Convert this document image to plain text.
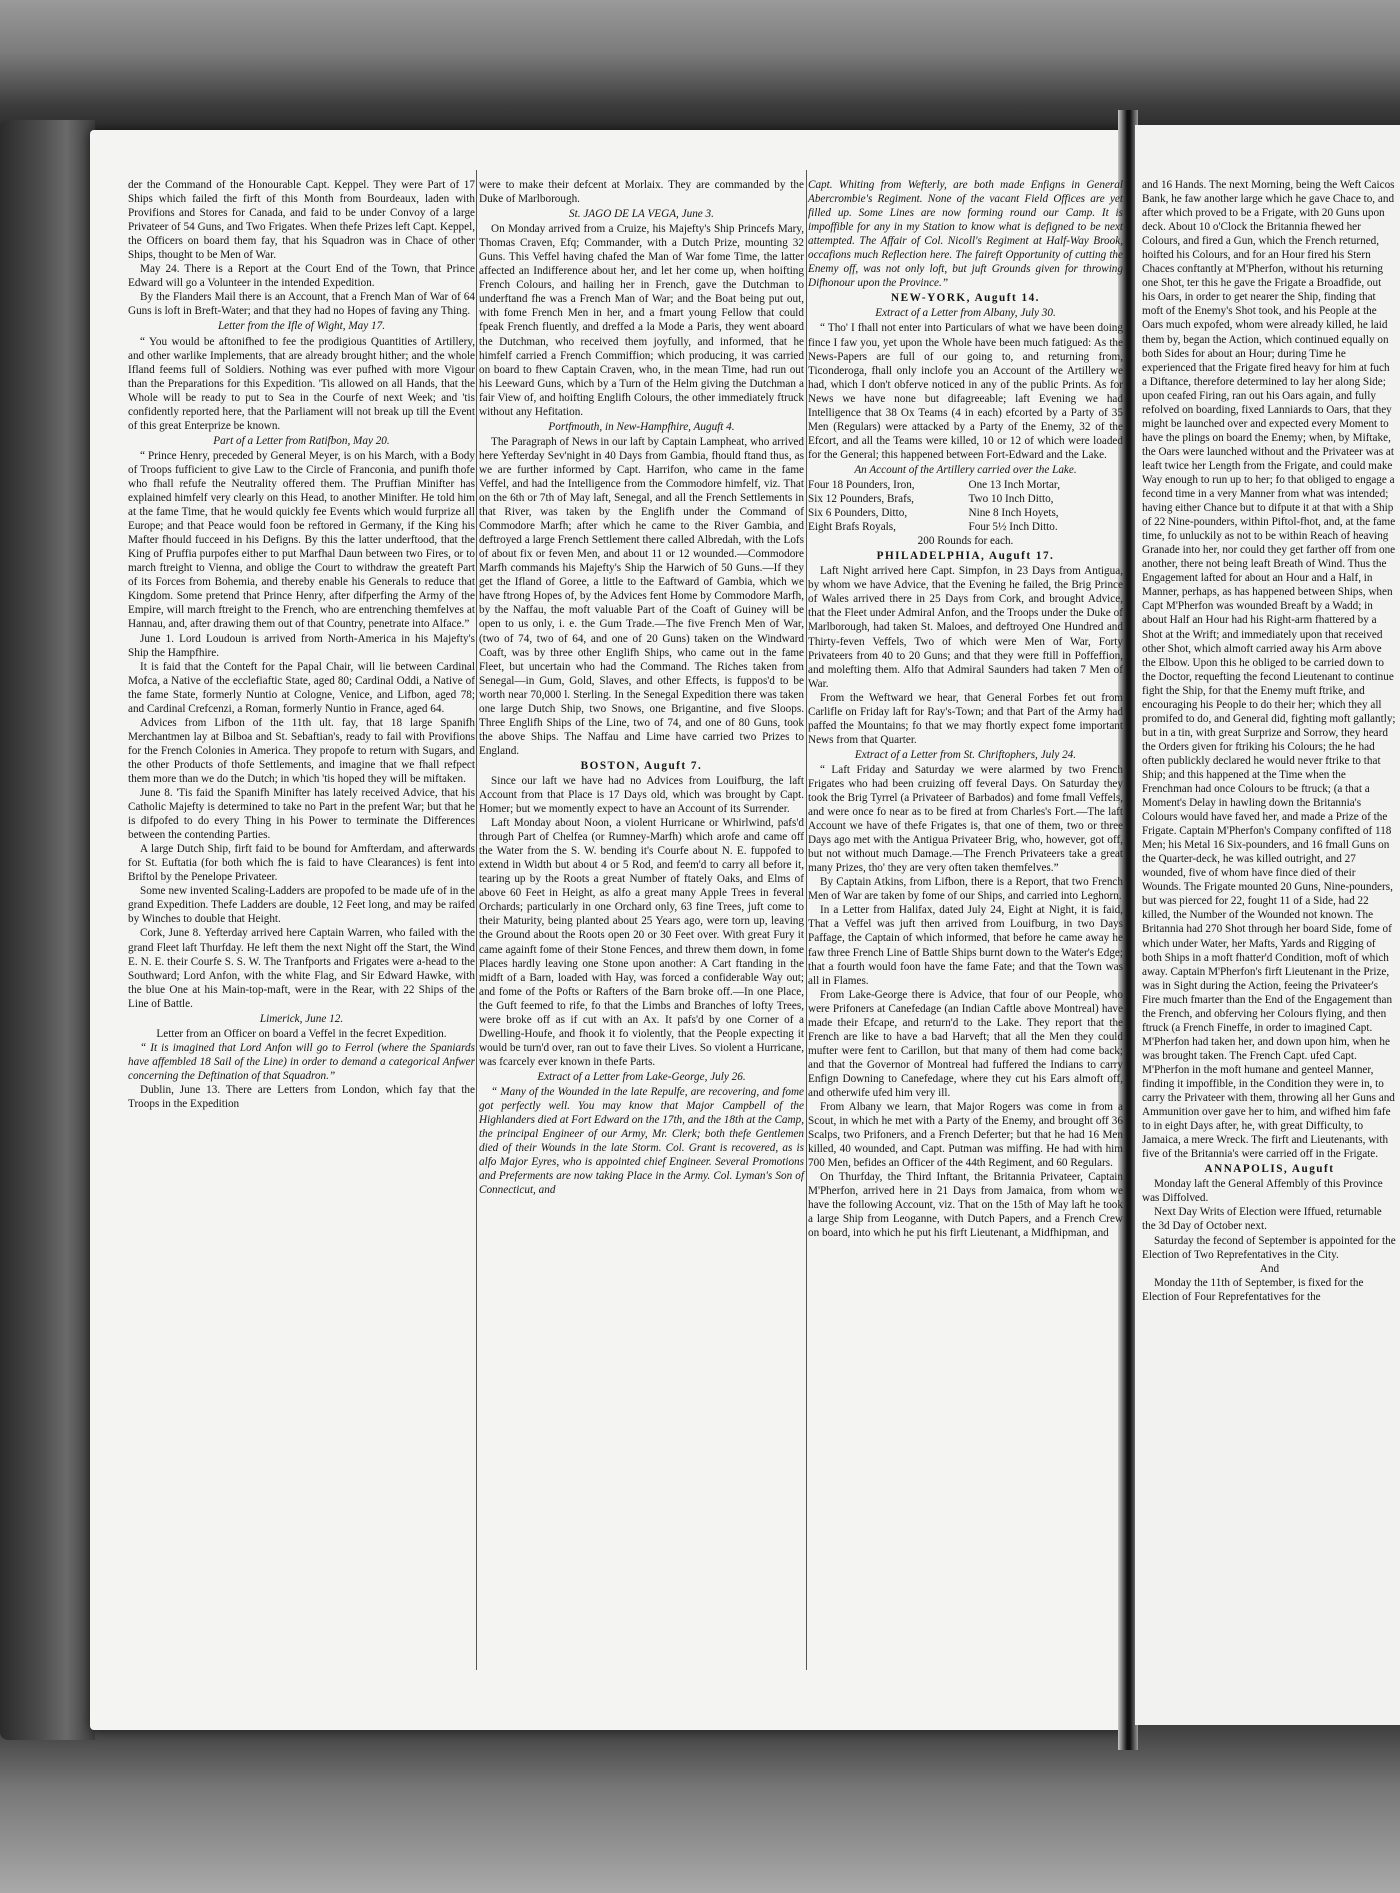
der the Command of the Honourable Capt. Keppel. They were Part of 17 Ships which failed the firft of this Month from Bourdeaux, laden with Provifions and Stores for Canada, and faid to be under Convoy of a large Privateer of 54 Guns, and Two Frigates. When thefe Prizes left Capt. Keppel, the Officers on board them fay, that his Squadron was in Chace of other Ships, thought to be Men of War.

May 24. There is a Report at the Court End of the Town, that Prince Edward will go a Volunteer in the intended Expedition.

By the Flanders Mail there is an Account, that a French Man of War of 64 Guns is loft in Breft-Water; and that they had no Hopes of faving any Thing.

Letter from the Ifle of Wight, May 17.

“ You would be aftonifhed to fee the prodigious Quantities of Artillery, and other warlike Implements, that are already brought hither; and the whole Ifland feems full of Soldiers. Nothing was ever pufhed with more Vigour than the Preparations for this Expedition. 'Tis allowed on all Hands, that the Whole will be ready to put to Sea in the Courfe of next Week; and 'tis confidently reported here, that the Parliament will not break up till the Event of this great Enterprize be known.

Part of a Letter from Ratifbon, May 20.

“ Prince Henry, preceded by General Meyer, is on his March, with a Body of Troops fufficient to give Law to the Circle of Franconia, and punifh thofe who fhall refufe the Neutrality offered them. The Pruffian Minifter has explained himfelf very clearly on this Head, to another Minifter. He told him at the fame Time, that he would quickly fee Events which would furprize all Europe; and that Peace would foon be reftored in Germany, if the King his Mafter fhould fucceed in his Defigns. By this the latter underftood, that the King of Pruffia purpofes either to put Marfhal Daun between two Fires, or to march ftreight to Vienna, and oblige the Court to withdraw the greateft Part of its Forces from Bohemia, and thereby enable his Generals to reduce that Kingdom. Some pretend that Prince Henry, after difperfing the Army of the Empire, will march ftreight to the French, who are entrenching themfelves at Hannau, and, after drawing them out of that Country, penetrate into Alface.”

June 1. Lord Loudoun is arrived from North-America in his Majefty's Ship the Hampfhire.

It is faid that the Conteft for the Papal Chair, will lie between Cardinal Mofca, a Native of the ecclefiaftic State, aged 80; Cardinal Oddi, a Native of the fame State, formerly Nuntio at Cologne, Venice, and Lifbon, aged 78; and Cardinal Crefcenzi, a Roman, formerly Nuntio in France, aged 64.

Advices from Lifbon of the 11th ult. fay, that 18 large Spanifh Merchantmen lay at Bilboa and St. Sebaftian's, ready to fail with Provifions for the French Colonies in America. They propofe to return with Sugars, and the other Products of thofe Settlements, and imagine that we fhall refpect them more than we do the Dutch; in which 'tis hoped they will be miftaken.

June 8. 'Tis faid the Spanifh Minifter has lately received Advice, that his Catholic Majefty is determined to take no Part in the prefent War; but that he is difpofed to do every Thing in his Power to terminate the Differences between the contending Parties.

A large Dutch Ship, firft faid to be bound for Amfterdam, and afterwards for St. Euftatia (for both which fhe is faid to have Clearances) is fent into Briftol by the Penelope Privateer.

Some new invented Scaling-Ladders are propofed to be made ufe of in the grand Expedition. Thefe Ladders are double, 12 Feet long, and may be raifed by Winches to double that Height.

Cork, June 8. Yefterday arrived here Captain Warren, who failed with the grand Fleet laft Thurfday. He left them the next Night off the Start, the Wind E. N. E. their Courfe S. S. W. The Tranfports and Frigates were a-head to the Southward; Lord Anfon, with the white Flag, and Sir Edward Hawke, with the blue One at his Main-top-maft, were in the Rear, with 22 Ships of the Line of Battle.

Limerick, June 12.

Letter from an Officer on board a Veffel in the fecret Expedition.

“ It is imagined that Lord Anfon will go to Ferrol (where the Spaniards have affembled 18 Sail of the Line) in order to demand a categorical Anfwer concerning the Deftination of that Squadron.”

Dublin, June 13. There are Letters from London, which fay that the Troops in the Expedition

were to make their defcent at Morlaix. They are commanded by the Duke of Marlborough.

St. JAGO DE LA VEGA, June 3.

On Monday arrived from a Cruize, his Majefty's Ship Princefs Mary, Thomas Craven, Efq; Commander, with a Dutch Prize, mounting 32 Guns. This Veffel having chafed the Man of War fome Time, the latter affected an Indifference about her, and let her come up, when hoifting French Colours, and hailing her in French, gave the Dutchman to underftand fhe was a French Man of War; and the Boat being put out, with fome French Men in her, and a fmart young Fellow that could fpeak French fluently, and dreffed a la Mode a Paris, they went aboard the Dutchman, who received them joyfully, and informed, that he himfelf carried a French Commiffion; which producing, it was carried on board to fhew Captain Craven, who, in the mean Time, had run out his Leeward Guns, which by a Turn of the Helm giving the Dutchman a fair View of, and hoifting Englifh Colours, the other immediately ftruck without any Hefitation.

Portfmouth, in New-Hampfhire, Auguft 4.

The Paragraph of News in our laft by Captain Lampheat, who arrived here Yefterday Sev'night in 40 Days from Gambia, fhould ftand thus, as we are further informed by Capt. Harrifon, who came in the fame Veffel, and had the Intelligence from the Commodore himfelf, viz. That on the 6th or 7th of May laft, Senegal, and all the French Settlements in that River, was taken by the Englifh under the Command of Commodore Marfh; after which he came to the River Gambia, and deftroyed a large French Settlement there called Albredah, with the Lofs of about fix or feven Men, and about 11 or 12 wounded.—Commodore Marfh commands his Majefty's Ship the Harwich of 50 Guns.—If they get the Ifland of Goree, a little to the Eaftward of Gambia, which we have ftrong Hopes of, by the Advices fent Home by Commodore Marfh, by the Naffau, the moft valuable Part of the Coaft of Guiney will be open to us only, i. e. the Gum Trade.—The five French Men of War, (two of 74, two of 64, and one of 20 Guns) taken on the Windward Coaft, was by three other Englifh Ships, who came out in the fame Fleet, but uncertain who had the Command. The Riches taken from Senegal—in Gum, Gold, Slaves, and other Effects, is fuppos'd to be worth near 70,000 l. Sterling. In the Senegal Expedition there was taken one large Dutch Ship, two Snows, one Brigantine, and five Sloops. Three Englifh Ships of the Line, two of 74, and one of 80 Guns, took the above Ships. The Naffau and Lime have carried two Prizes to England.

BOSTON, Auguft 7.

Since our laft we have had no Advices from Louifburg, the laft Account from that Place is 17 Days old, which was brought by Capt. Homer; but we momently expect to have an Account of its Surrender.

Laft Monday about Noon, a violent Hurricane or Whirlwind, pafs'd through Part of Chelfea (or Rumney-Marfh) which arofe and came off the Water from the S. W. bending it's Courfe about N. E. fuppofed to extend in Width but about 4 or 5 Rod, and feem'd to carry all before it, tearing up by the Roots a great Number of ftately Oaks, and Elms of above 60 Feet in Height, as alfo a great many Apple Trees in feveral Orchards; particularly in one Orchard only, 63 fine Trees, juft come to their Maturity, being planted about 25 Years ago, were torn up, leaving the Ground about the Roots open 20 or 30 Feet over. With great Fury it came againft fome of their Stone Fences, and threw them down, in fome Places hardly leaving one Stone upon another: A Cart ftanding in the midft of a Barn, loaded with Hay, was forced a confiderable Way out; and fome of the Pofts or Rafters of the Barn broke off.—In one Place, the Guft feemed to rife, fo that the Limbs and Branches of lofty Trees, were broke off as if cut with an Ax. It pafs'd by one Corner of a Dwelling-Houfe, and fhook it fo violently, that the People expecting it would be turn'd over, ran out to fave their Lives. So violent a Hurricane, was fcarcely ever known in thefe Parts.

Extract of a Letter from Lake-George, July 26.

“ Many of the Wounded in the late Repulfe, are recovering, and fome got perfectly well. You may know that Major Campbell of the Highlanders died at Fort Edward on the 17th, and the 18th at the Camp, the principal Engineer of our Army, Mr. Clerk; both thefe Gentlemen died of their Wounds in the late Storm. Col. Grant is recovered, as is alfo Major Eyres, who is appointed chief Engineer. Several Promotions and Preferments are now taking Place in the Army. Col. Lyman's Son of Connecticut, and

Capt. Whiting from Wefterly, are both made Enfigns in General Abercrombie's Regiment. None of the vacant Field Offices are yet filled up. Some Lines are now forming round our Camp. It is impoffible for any in my Station to know what is defigned to be next attempted. The Affair of Col. Nicoll's Regiment at Half-Way Brook, occafions much Reflection here. The faireft Opportunity of cutting the Enemy off, was not only loft, but juft Grounds given for throwing Difhonour upon the Province.”

NEW-YORK, Auguft 14.

Extract of a Letter from Albany, July 30.

“ Tho' I fhall not enter into Particulars of what we have been doing fince I faw you, yet upon the Whole have been much fatigued: As the News-Papers are full of our going to, and returning from, Ticonderoga, fhall only inclofe you an Account of the Artillery we had, which I don't obferve noticed in any of the public Prints. As for News we have none but difagreeable; laft Evening we had Intelligence that 38 Ox Teams (4 in each) efcorted by a Party of 35 Men (Regulars) were attacked by a Party of the Enemy, 32 of the Efcort, and all the Teams were killed, 10 or 12 of which were loaded for the General; this happened between Fort-Edward and the Lake.

An Account of the Artillery carried over the Lake.

Four 18 Pounders, Iron,	One 13 Inch Mortar,
Six 12 Pounders, Brafs,	Two 10 Inch Ditto,
Six 6 Pounders, Ditto,	Nine 8 Inch Hoyets,
Eight Brafs Royals,	Four 5½ Inch Ditto.

200 Rounds for each.

PHILADELPHIA, Auguft 17.

Laft Night arrived here Capt. Simpfon, in 23 Days from Antigua, by whom we have Advice, that the Evening he failed, the Brig Prince of Wales arrived there in 25 Days from Cork, and brought Advice, that the Fleet under Admiral Anfon, and the Troops under the Duke of Marlborough, had taken St. Maloes, and deftroyed One Hundred and Thirty-feven Veffels, Two of which were Men of War, Forty Privateers from 40 to 20 Guns; and that they were ftill in Poffeffion, and molefting them. Alfo that Admiral Saunders had taken 7 Men of War.

From the Weftward we hear, that General Forbes fet out from Carlifle on Friday laft for Ray's-Town; and that Part of the Army had paffed the Mountains; fo that we may fhortly expect fome important News from that Quarter.

Extract of a Letter from St. Chriftophers, July 24.

“ Laft Friday and Saturday we were alarmed by two French Frigates who had been cruizing off feveral Days. On Saturday they took the Brig Tyrrel (a Privateer of Barbados) and fome fmall Veffels, and were once fo near as to be fired at from Charles's Fort.—The laft Account we have of thefe Frigates is, that one of them, two or three Days ago met with the Antigua Privateer Brig, who, however, got off, but not without much Damage.—The French Privateers take a great many Prizes, tho' they are very often taken themfelves.”

By Captain Atkins, from Lifbon, there is a Report, that two French Men of War are taken by fome of our Ships, and carried into Leghorn.

In a Letter from Halifax, dated July 24, Eight at Night, it is faid, That a Veffel was juft then arrived from Louifburg, in two Days Paffage, the Captain of which informed, that before he came away he faw three French Line of Battle Ships burnt down to the Water's Edge; that a fourth would foon have the fame Fate; and that the Town was all in Flames.

From Lake-George there is Advice, that four of our People, who were Prifoners at Canefedage (an Indian Caftle above Montreal) have made their Efcape, and return'd to the Lake. They report that the French are like to have a bad Harveft; that all the Men they could mufter were fent to Carillon, but that many of them had come back; and that the Governor of Montreal had fuffered the Indians to carry Enfign Downing to Canefedage, where they cut his Ears almoft off, and otherwife ufed him very ill.

From Albany we learn, that Major Rogers was come in from a Scout, in which he met with a Party of the Enemy, and brought off 36 Scalps, two Prifoners, and a French Deferter; but that he had 16 Men killed, 40 wounded, and Capt. Putman was miffing. He had with him 700 Men, befides an Officer of the 44th Regiment, and 60 Regulars.

On Thurfday, the Third Inftant, the Britannia Privateer, Captain M'Pherfon, arrived here in 21 Days from Jamaica, from whom we have the following Account, viz. That on the 15th of May laft he took a large Ship from Leoganne, with Dutch Papers, and a French Crew on board, into which he put his firft Lieutenant, a Midfhipman, and

and 16 Hands. The next Morning, being the Weft Caicos Bank, he faw another large which he gave Chace to, and after which proved to be a Frigate, with 20 Guns upon deck. About 10 o'Clock the Britannia fhewed her Colours, and fired a Gun, which the French returned, hoifted his Colours, and for an Hour fired his Stern Chaces conftantly at M'Pherfon, without his returning one Shot, ter this he gave the Frigate a Broadfide, out his Oars, in order to get nearer the Ship, finding that moft of the Enemy's Shot took, and his People at the Oars much expofed, whom were already killed, he laid them by, began the Action, which continued equally on both Sides for about an Hour; during Time he experienced that the Frigate fired heavy for him at fuch a Diftance, therefore determined to lay her along Side; upon ceafed Firing, ran out his Oars again, and fully refolved on boarding, fixed Lanniards to Oars, that they might be launched over and expected every Moment to have the plings on board the Enemy; when, by Miftake, the Oars were launched without and the Privateer was at leaft twice her Length from the Frigate, and could make Way enough to run up to her; fo that obliged to engage a fecond time in a very Manner from what was intended; having either Chance but to difpute it at that with a Ship of 22 Nine-pounders, within Piftol-fhot, and, at the fame time, fo unluckily as not to be within Reach of heaving Granade into her, nor could they get farther off from one another, there not being leaft Breath of Wind. Thus the Engagement lafted for about an Hour and a Half, in Manner, perhaps, as has happened between Ships, when Capt M'Pherfon was wounded Breaft by a Wadd; in about Half an Hour had his Right-arm fhattered by a Shot at the Wrift; and immediately upon that received other Shot, which almoft carried away his Arm above the Elbow. Upon this he obliged to be carried down to the Doctor, requefting the fecond Lieutenant to continue fight the Ship, for that the Enemy muft ftrike, and encouraging his People to do their her; which they all promifed to do, and General did, fighting moft gallantly; but in a tin, with great Surprize and Sorrow, they heard the Orders given for ftriking his Colours; the he had often publickly declared he would never ftrike to that Ship; and this happened at the Time when the Frenchman had once Colours to be ftruck; (a that a Moment's Delay in hawling down the Britannia's Colours would have faved her, and made a Prize of the Frigate. Captain M'Pherfon's Company confifted of 118 Men; his Metal 16 Six-pounders, and 16 fmall Guns on the Quarter-deck, he was killed outright, and 27 wounded, five of whom have fince died of their Wounds. The Frigate mounted 20 Guns, Nine-pounders, but was pierced for 22, fought 11 of a Side, had 22 killed, the Number of the Wounded not known. The Britannia had 270 Shot through her board Side, fome of which under Water, her Mafts, Yards and Rigging of both Ships in a moft fhatter'd Condition, moft of which away. Captain M'Pherfon's firft Lieutenant in the Prize, was in Sight during the Action, feeing the Privateer's Fire much fmarter than the End of the Engagement than the French, and obferving her Colours flying, and then ftruck (a French Fineffe, in order to imagined Capt. M'Pherfon had taken her, and down upon him, when he was brought taken. The French Capt. ufed Capt. M'Pherfon in the moft humane and genteel Manner, finding it impoffible, in the Condition they were in, to carry the Privateer with them, throwing all her Guns and Ammunition over gave her to him, and wifhed him fafe to in eight Days after, he, with great Difficulty, to Jamaica, a mere Wreck. The firft and Lieutenants, with five of the Britannia's were carried off in the Frigate.

ANNAPOLIS, Auguft

Monday laft the General Affembly of this Province was Diffolved.

Next Day Writs of Election were Iffued, returnable the 3d Day of October next.

Saturday the fecond of September is appointed for the Election of Two Reprefentatives in the City.

And

Monday the 11th of September, is fixed for the Election of Four Reprefentatives for the
